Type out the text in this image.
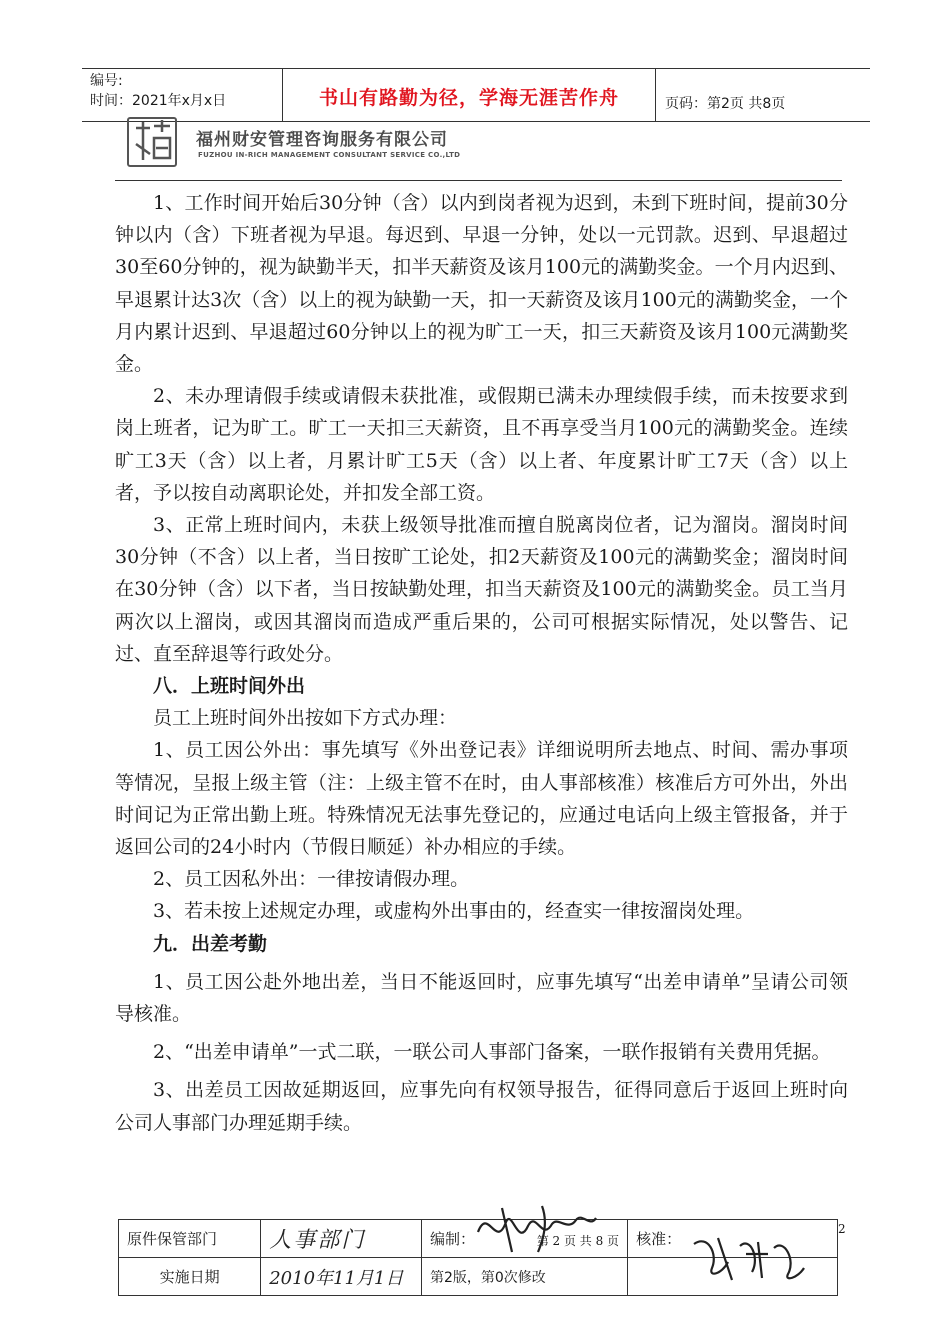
编号:
时间：2021年x月x日	书山有路勤为径，学海无涯苦作舟	页码：第2页 共8页
福州财安管理咨询服务有限公司
FUZHOU IN-RICH MANAGEMENT CONSULTANT SERVICE CO.,LTD

1、工作时间开始后30分钟（含）以内到岗者视为迟到，未到下班时间，提前30分钟以内（含）下班者视为早退。每迟到、早退一分钟，处以一元罚款。迟到、早退超过30至60分钟的，视为缺勤半天，扣半天薪资及该月100元的满勤奖金。一个月内迟到、早退累计达3次（含）以上的视为缺勤一天，扣一天薪资及该月100元的满勤奖金，一个月内累计迟到、早退超过60分钟以上的视为旷工一天，扣三天薪资及该月100元满勤奖金。

2、未办理请假手续或请假未获批准，或假期已满未办理续假手续，而未按要求到岗上班者，记为旷工。旷工一天扣三天薪资，且不再享受当月100元的满勤奖金。连续旷工3天（含）以上者，月累计旷工5天（含）以上者、年度累计旷工7天（含）以上者，予以按自动离职论处，并扣发全部工资。

3、正常上班时间内，未获上级领导批准而擅自脱离岗位者，记为溜岗。溜岗时间30分钟（不含）以上者，当日按旷工论处，扣2天薪资及100元的满勤奖金；溜岗时间在30分钟（含）以下者，当日按缺勤处理，扣当天薪资及100元的满勤奖金。员工当月两次以上溜岗，或因其溜岗而造成严重后果的，公司可根据实际情况，处以警告、记过、直至辞退等行政处分。

八．上班时间外出

员工上班时间外出按如下方式办理：

1、员工因公外出：事先填写《外出登记表》详细说明所去地点、时间、需办事项等情况，呈报上级主管（注：上级主管不在时，由人事部核准）核准后方可外出，外出时间记为正常出勤上班。特殊情况无法事先登记的，应通过电话向上级主管报备，并于返回公司的24小时内（节假日顺延）补办相应的手续。

2、员工因私外出：一律按请假办理。

3、若未按上述规定办理，或虚构外出事由的，经查实一律按溜岗处理。

九．出差考勤

1、员工因公赴外地出差，当日不能返回时，应事先填写“出差申请单”呈请公司领导核准。

2、“出差申请单”一式二联，一联公司人事部门备案，一联作报销有关费用凭据。

3、出差员工因故延期返回，应事先向有权领导报告，征得同意后于返回上班时向公司人事部门办理延期手续。

原件保管部门	人事部门	编制： 第 2 页 共 8 页	核准：

实施日期	2010年11月1日	第2版，第0次修改	

2
